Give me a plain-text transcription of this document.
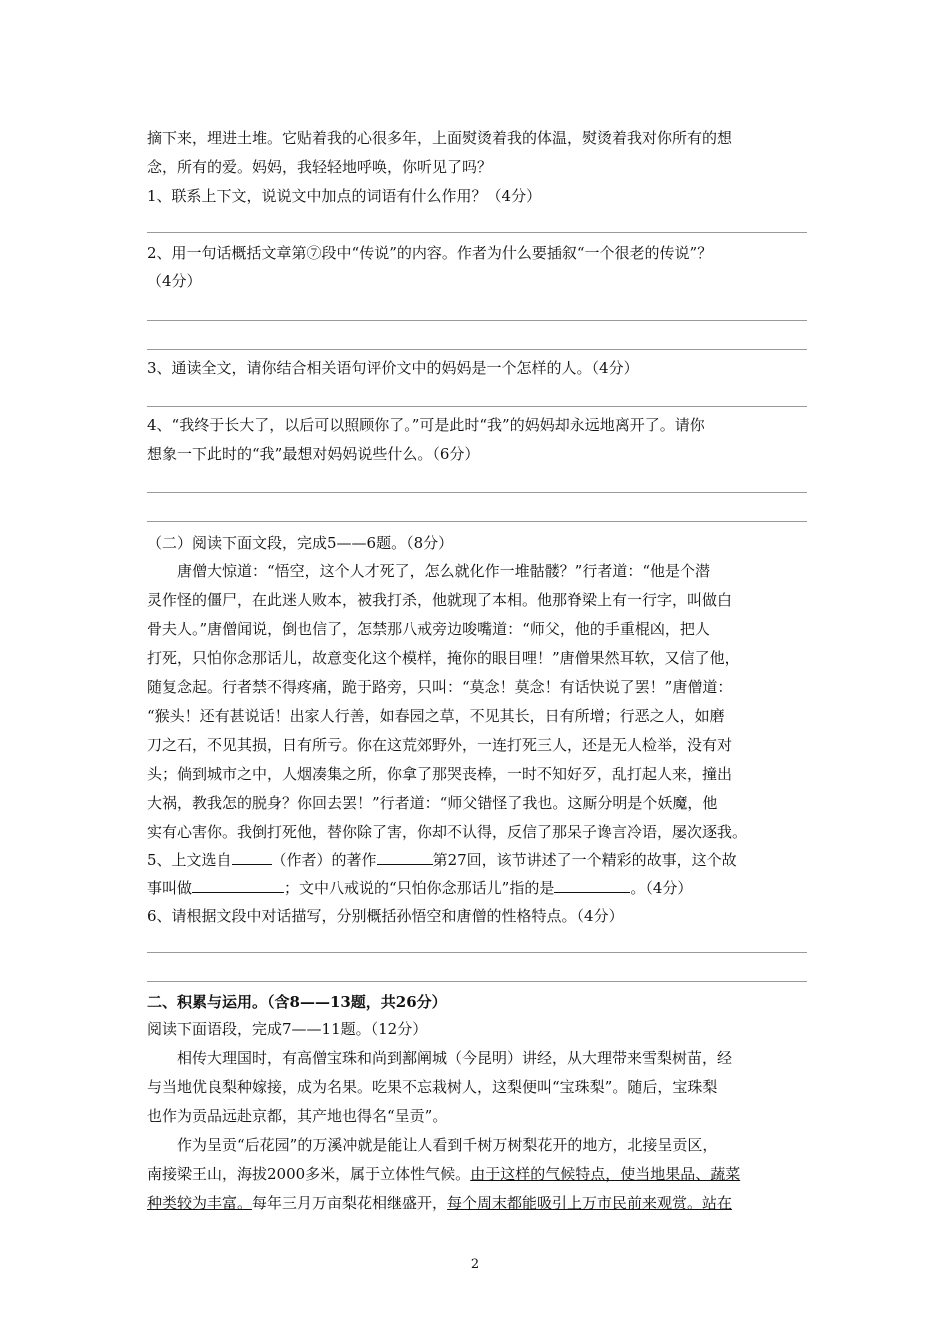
摘下来，埋进土堆。它贴着我的心很多年，上面熨烫着我的体温，熨烫着我对你所有的想
念，所有的爱。妈妈，我轻轻地呼唤，你听见了吗？
1、联系上下文，说说文中加点的词语有什么作用？（4分）
2、用一句话概括文章第⑦段中“传说”的内容。作者为什么要插叙“一个很老的传说”？
（4分）
3、通读全文，请你结合相关语句评价文中的妈妈是一个怎样的人。（4分）
4、“我终于长大了，以后可以照顾你了。”可是此时“我”的妈妈却永远地离开了。请你
想象一下此时的“我”最想对妈妈说些什么。（6分）
（二）阅读下面文段，完成5——6题。（8分）
唐僧大惊道：“悟空，这个人才死了，怎么就化作一堆骷髅？”行者道：“他是个潜
灵作怪的僵尸，在此迷人败本，被我打杀，他就现了本相。他那脊梁上有一行字，叫做白
骨夫人。”唐僧闻说，倒也信了，怎禁那八戒旁边唆嘴道：“师父，他的手重棍凶，把人
打死，只怕你念那话儿，故意变化这个模样，掩你的眼目哩！”唐僧果然耳软，又信了他，
随复念起。行者禁不得疼痛，跪于路旁，只叫：“莫念！莫念！有话快说了罢！”唐僧道：
“猴头！还有甚说话！出家人行善，如春园之草，不见其长，日有所增；行恶之人，如磨
刀之石，不见其损，日有所亏。你在这荒郊野外，一连打死三人，还是无人检举，没有对
头；倘到城市之中，人烟凑集之所，你拿了那哭丧棒，一时不知好歹，乱打起人来，撞出
大祸，教我怎的脱身？你回去罢！”行者道：“师父错怪了我也。这厮分明是个妖魔，他
实有心害你。我倒打死他，替你除了害，你却不认得，反信了那呆子谗言冷语，屡次逐我。
5、上文选自	（作者）的著作	第27回，该节讲述了一个精彩的故事，这个故
事叫做	；文中八戒说的“只怕你念那话儿”指的是	。（4分）
6、请根据文段中对话描写，分别概括孙悟空和唐僧的性格特点。（4分）
二、积累与运用。（含8——13题，共26分）
阅读下面语段，完成7——11题。（12分）
相传大理国时，有高僧宝珠和尚到鄯阐城（今昆明）讲经，从大理带来雪梨树苗，经
与当地优良梨种嫁接，成为名果。吃果不忘栽树人，这梨便叫“宝珠梨”。随后，宝珠梨
也作为贡品远赴京都，其产地也得名“呈贡”。
作为呈贡“后花园”的万溪冲就是能让人看到千树万树梨花开的地方，北接呈贡区，
南接梁王山，海拔2000多米，属于立体性气候。由于这样的气候特点，使当地果品、蔬菜
种类较为丰富。每年三月万亩梨花相继盛开，每个周末都能吸引上万市民前来观赏。站在
2
